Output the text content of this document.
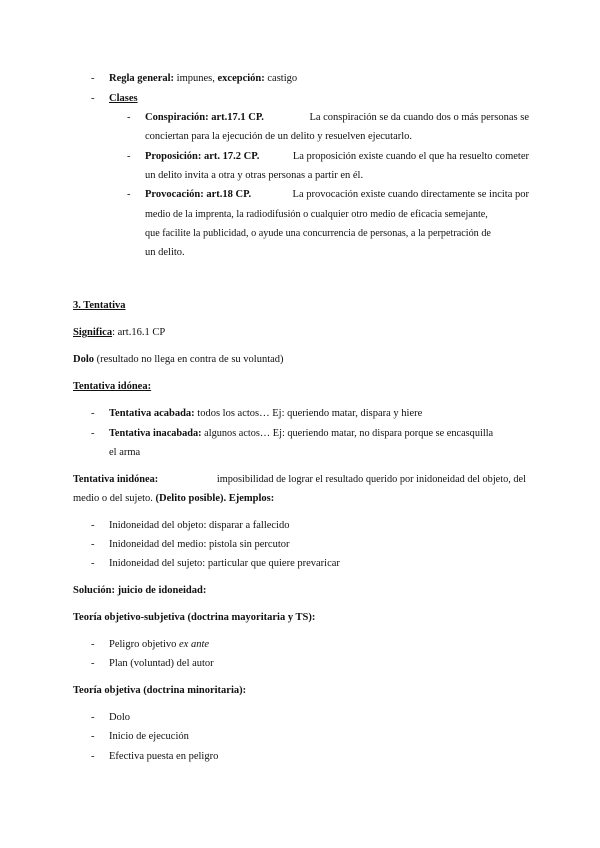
- Regla general: impunes, excepción: castigo
- Clases
- Conspiración: art.17.1 CP.	La conspiración se da cuando dos o más personas se
conciertan para la ejecución de un delito y resuelven ejecutarlo.
- Proposición: art. 17.2 CP.	La proposición existe cuando el que ha resuelto cometer
un delito invita a otra y otras personas a partir en él.
- Provocación: art.18 CP.	La provocación existe cuando directamente se incita por
medio de la imprenta, la radiodifusión o cualquier otro medio de eficacia semejante,
que facilite la publicidad, o ayude una concurrencia de personas, a la perpetración de
un delito.
3. Tentativa
Significa: art.16.1 CP
Dolo (resultado no llega en contra de su voluntad)
Tentativa idónea:
- Tentativa acabada: todos los actos… Ej: queriendo matar, dispara y hiere
- Tentativa inacabada: algunos actos… Ej: queriendo matar, no dispara porque se encasquilla
el arma
Tentativa inidónea:	imposibilidad de lograr el resultado querido por inidoneidad del objeto, del
medio o del sujeto. (Delito posible). Ejemplos:
- Inidoneidad del objeto: disparar a fallecido
- Inidoneidad del medio: pistola sin percutor
- Inidoneidad del sujeto: particular que quiere prevaricar
Solución: juicio de idoneidad:
Teoría objetivo-subjetiva (doctrina mayoritaria y TS):
- Peligro objetivo ex ante
- Plan (voluntad) del autor
Teoría objetiva (doctrina minoritaria):
- Dolo
- Inicio de ejecución
- Efectiva puesta en peligro
